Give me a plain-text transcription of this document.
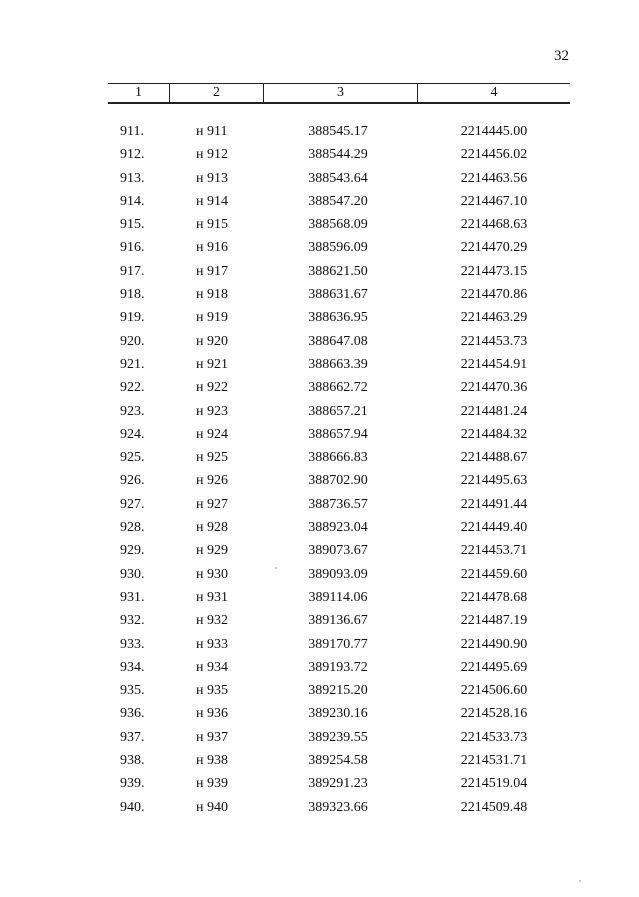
32
1	2	3	4
911.	н 911	388545.17	2214445.00
912.	н 912	388544.29	2214456.02
913.	н 913	388543.64	2214463.56
914.	н 914	388547.20	2214467.10
915.	н 915	388568.09	2214468.63
916.	н 916	388596.09	2214470.29
917.	н 917	388621.50	2214473.15
918.	н 918	388631.67	2214470.86
919.	н 919	388636.95	2214463.29
920.	н 920	388647.08	2214453.73
921.	н 921	388663.39	2214454.91
922.	н 922	388662.72	2214470.36
923.	н 923	388657.21	2214481.24
924.	н 924	388657.94	2214484.32
925.	н 925	388666.83	2214488.67
926.	н 926	388702.90	2214495.63
927.	н 927	388736.57	2214491.44
928.	н 928	388923.04	2214449.40
929.	н 929	389073.67	2214453.71
930.	н 930	389093.09	2214459.60
931.	н 931	389114.06	2214478.68
932.	н 932	389136.67	2214487.19
933.	н 933	389170.77	2214490.90
934.	н 934	389193.72	2214495.69
935.	н 935	389215.20	2214506.60
936.	н 936	389230.16	2214528.16
937.	н 937	389239.55	2214533.73
938.	н 938	389254.58	2214531.71
939.	н 939	389291.23	2214519.04
940.	н 940	389323.66	2214509.48
